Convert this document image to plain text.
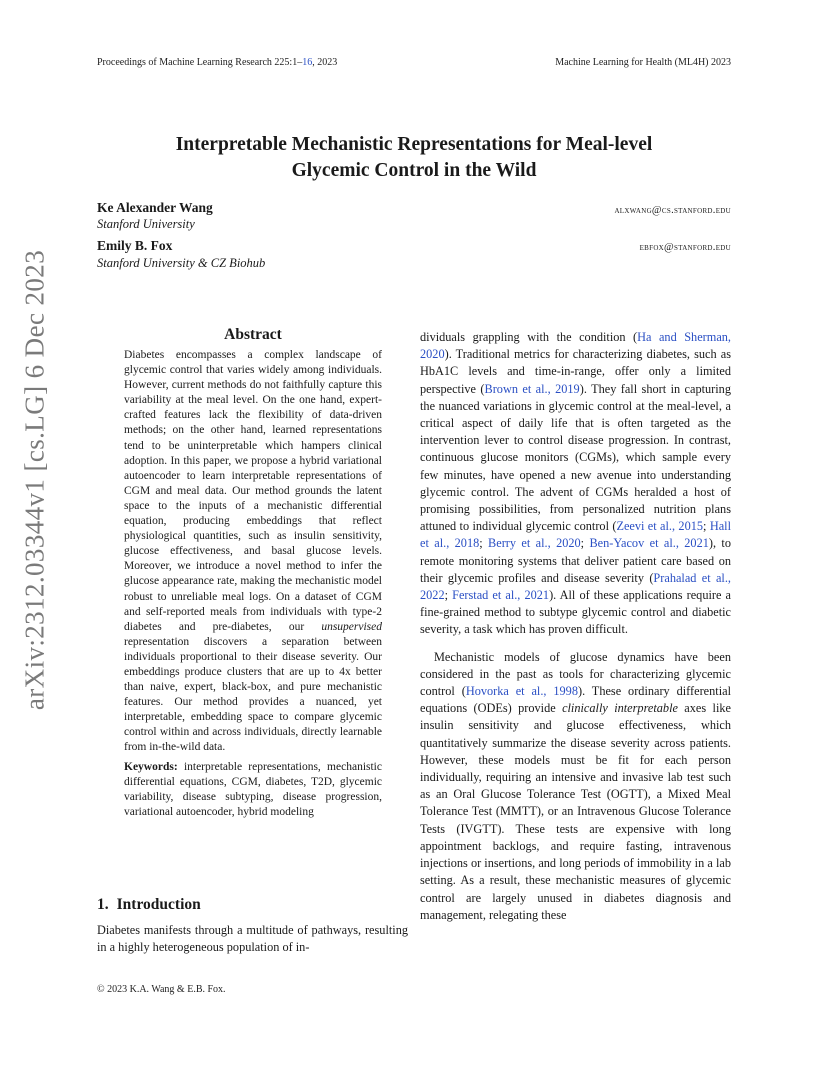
Proceedings of Machine Learning Research 225:1–16, 2023	Machine Learning for Health (ML4H) 2023
arXiv:2312.03344v1 [cs.LG] 6 Dec 2023
Interpretable Mechanistic Representations for Meal-level
Glycemic Control in the Wild
Ke Alexander Wang
Stanford University
alxwang@cs.stanford.edu
Emily B. Fox
Stanford University & CZ Biohub
ebfox@stanford.edu
Abstract

Diabetes encompasses a complex landscape of glycemic control that varies widely among individuals. However, current methods do not faithfully capture this variability at the meal level. On the one hand, expert-crafted features lack the flexibility of data-driven methods; on the other hand, learned representations tend to be uninterpretable which hampers clinical adoption. In this paper, we propose a hybrid variational autoencoder to learn interpretable representations of CGM and meal data. Our method grounds the latent space to the inputs of a mechanistic differential equation, producing embeddings that reflect physiological quantities, such as insulin sensitivity, glucose effectiveness, and basal glucose levels. Moreover, we introduce a novel method to infer the glucose appearance rate, making the mechanistic model robust to unreliable meal logs. On a dataset of CGM and self-reported meals from individuals with type-2 diabetes and pre-diabetes, our unsupervised representation discovers a separation between individuals proportional to their disease severity. Our embeddings produce clusters that are up to 4x better than naive, expert, black-box, and pure mechanistic features. Our method provides a nuanced, yet interpretable, embedding space to compare glycemic control within and across individuals, directly learnable from in-the-wild data.

Keywords: interpretable representations, mechanistic differential equations, CGM, diabetes, T2D, glycemic variability, disease subtyping, disease progression, variational autoencoder, hybrid modeling

1. Introduction
Diabetes manifests through a multitude of pathways, resulting in a highly heterogeneous population of in-

dividuals grappling with the condition (Ha and Sherman, 2020). Traditional metrics for characterizing diabetes, such as HbA1C levels and time-in-range, offer only a limited perspective (Brown et al., 2019). They fall short in capturing the nuanced variations in glycemic control at the meal-level, a critical aspect of daily life that is often targeted as the intervention lever to control disease progression. In contrast, continuous glucose monitors (CGMs), which sample every few minutes, have opened a new avenue into understanding glycemic control. The advent of CGMs heralded a host of promising possibilities, from personalized nutrition plans attuned to individual glycemic control (Zeevi et al., 2015; Hall et al., 2018; Berry et al., 2020; Ben-Yacov et al., 2021), to remote monitoring systems that deliver patient care based on their glycemic profiles and disease severity (Prahalad et al., 2022; Ferstad et al., 2021). All of these applications require a fine-grained method to subtype glycemic control and diabetic severity, a task which has proven difficult.

Mechanistic models of glucose dynamics have been considered in the past as tools for characterizing glycemic control (Hovorka et al., 1998). These ordinary differential equations (ODEs) provide clinically interpretable axes like insulin sensitivity and glucose effectiveness, which quantitatively summarize the disease severity across patients. However, these models must be fit for each person individually, requiring an intensive and invasive lab test such as an Oral Glucose Tolerance Test (OGTT), a Mixed Meal Tolerance Test (MMTT), or an Intravenous Glucose Tolerance Tests (IVGTT). These tests are expensive with long appointment backlogs, and require fasting, intravenous injections or insertions, and long periods of immobility in a lab setting. As a result, these mechanistic measures of glycemic control are largely unused in diabetes diagnosis and management, relegating these

© 2023 K.A. Wang & E.B. Fox.
